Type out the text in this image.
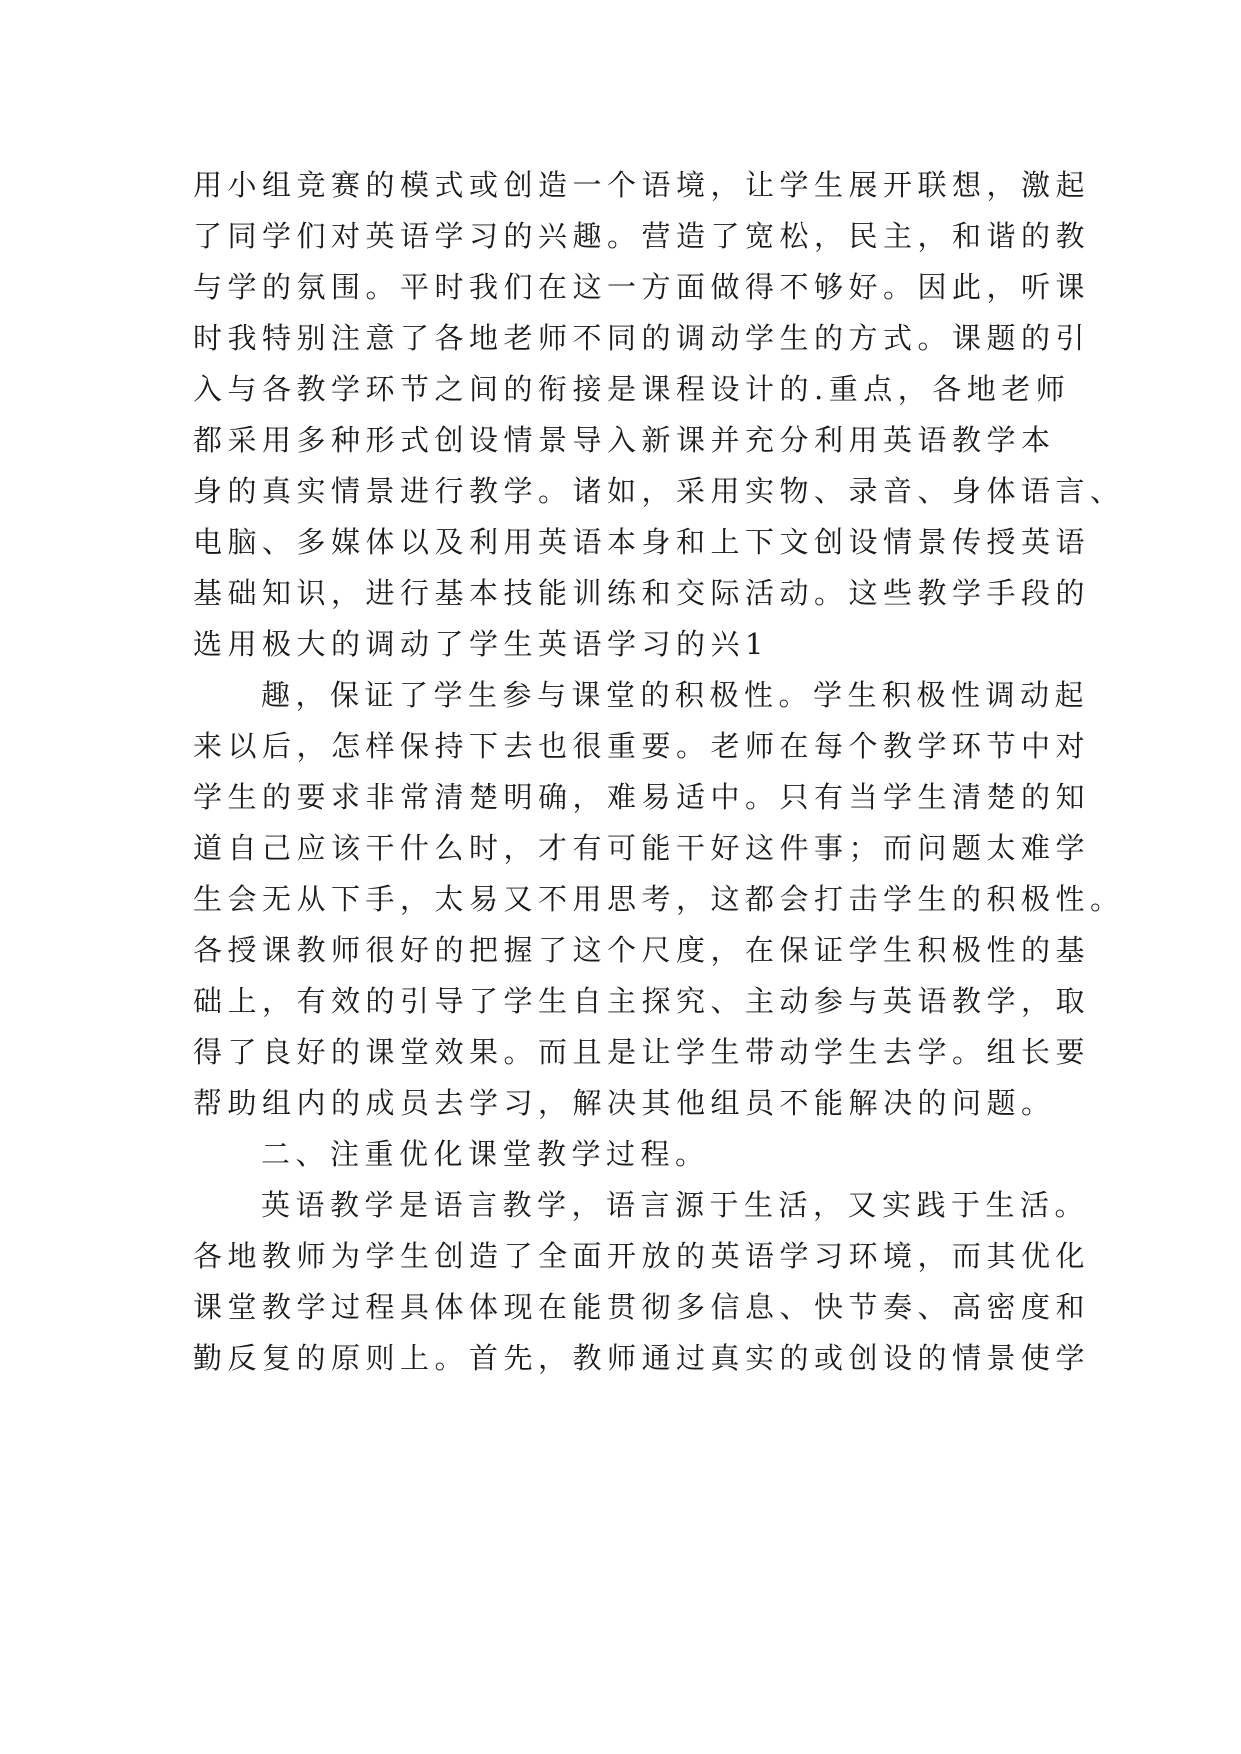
用小组竞赛的模式或创造一个语境，让学生展开联想，激起
了同学们对英语学习的兴趣。营造了宽松，民主，和谐的教
与学的氛围。平时我们在这一方面做得不够好。因此，听课
时我特别注意了各地老师不同的调动学生的方式。课题的引
入与各教学环节之间的衔接是课程设计的.重点，各地老师
都采用多种形式创设情景导入新课并充分利用英语教学本
身的真实情景进行教学。诸如，采用实物、录音、身体语言、
电脑、多媒体以及利用英语本身和上下文创设情景传授英语
基础知识，进行基本技能训练和交际活动。这些教学手段的
选用极大的调动了学生英语学习的兴1
趣，保证了学生参与课堂的积极性。学生积极性调动起
来以后，怎样保持下去也很重要。老师在每个教学环节中对
学生的要求非常清楚明确，难易适中。只有当学生清楚的知
道自己应该干什么时，才有可能干好这件事；而问题太难学
生会无从下手，太易又不用思考，这都会打击学生的积极性。
各授课教师很好的把握了这个尺度，在保证学生积极性的基
础上，有效的引导了学生自主探究、主动参与英语教学，取
得了良好的课堂效果。而且是让学生带动学生去学。组长要
帮助组内的成员去学习，解决其他组员不能解决的问题。
二、注重优化课堂教学过程。
英语教学是语言教学，语言源于生活，又实践于生活。
各地教师为学生创造了全面开放的英语学习环境，而其优化
课堂教学过程具体体现在能贯彻多信息、快节奏、高密度和
勤反复的原则上。首先，教师通过真实的或创设的情景使学
